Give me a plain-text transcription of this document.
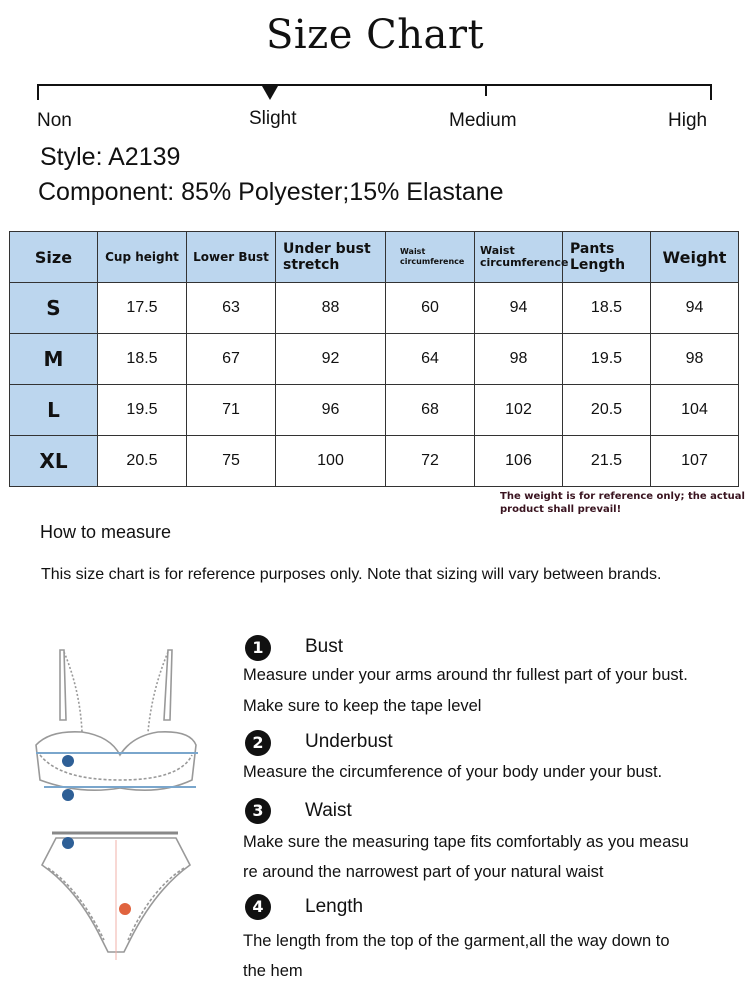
Size Chart
Non	Slight	Medium	High
Style: A2139
Component: 85% Polyester;15% Elastane
Size	Cup height	Lower Bust	Under bust stretch	Waist circumference	Waist circumference	Pants Length	Weight
S	17.5	63	88	60	94	18.5	94
M	18.5	67	92	64	98	19.5	98
L	19.5	71	96	68	102	20.5	104
XL	20.5	75	100	72	106	21.5	107
The weight is for reference only; the actual product shall prevail!
How to measure
This size chart is for reference purposes only. Note that sizing will vary between brands.
1	Bust
Measure under your arms around thr fullest part of your bust.
Make sure to keep the tape level
2	Underbust
Measure the circumference of your body under your bust.
3	Waist
Make sure the measuring tape fits comfortably as you measu
re around the narrowest part of your natural waist
4	Length
The length from the top of the garment,all the way down to
the hem
